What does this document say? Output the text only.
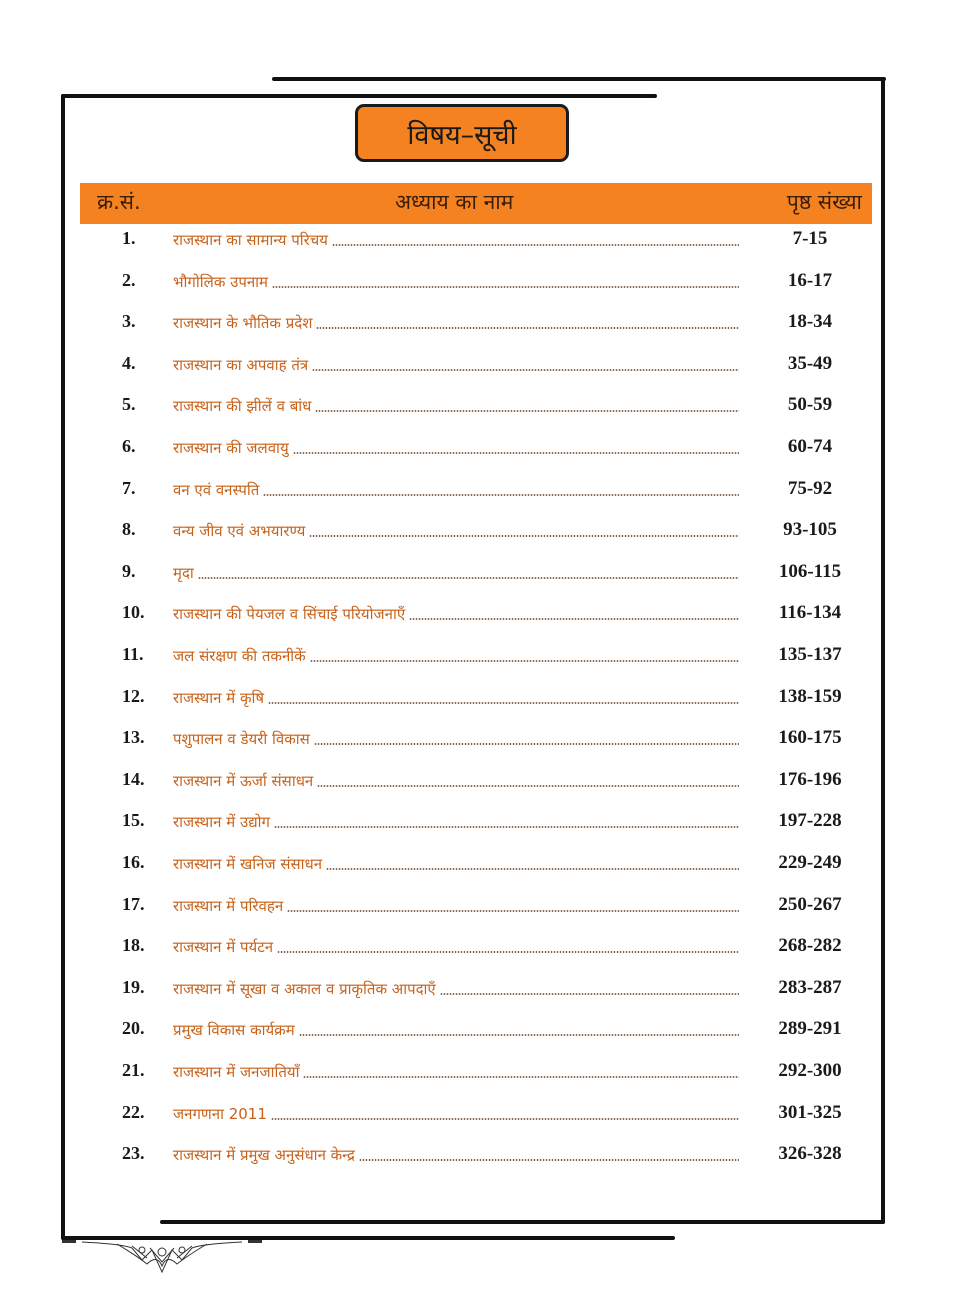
विषय–सूची
क्र.सं.	अध्याय का नाम	पृष्ठ संख्या
1.	राजस्थान का सामान्य परिचय	7-15
2.	भौगोलिक उपनाम	16-17
3.	राजस्थान के भौतिक प्रदेश	18-34
4.	राजस्थान का अपवाह तंत्र	35-49
5.	राजस्थान की झीलें व बांध	50-59
6.	राजस्थान की जलवायु	60-74
7.	वन एवं वनस्पति	75-92
8.	वन्य जीव एवं अभयारण्य	93-105
9.	मृदा	106-115
10. राजस्थान की पेयजल व सिंचाई परियोजनाएँ	116-134
11. जल संरक्षण की तकनीकें	135-137
12. राजस्थान में कृषि	138-159
13. पशुपालन व डेयरी विकास	160-175
14. राजस्थान में ऊर्जा संसाधन	176-196
15. राजस्थान में उद्योग	197-228
16. राजस्थान में खनिज संसाधन	229-249
17. राजस्थान में परिवहन	250-267
18. राजस्थान में पर्यटन	268-282
19. राजस्थान में सूखा व अकाल व प्राकृतिक आपदाएँ	283-287
20. प्रमुख विकास कार्यक्रम	289-291
21. राजस्थान में जनजातियाँ	292-300
22. जनगणना 2011	301-325
23. राजस्थान में प्रमुख अनुसंधान केन्द्र	326-328
